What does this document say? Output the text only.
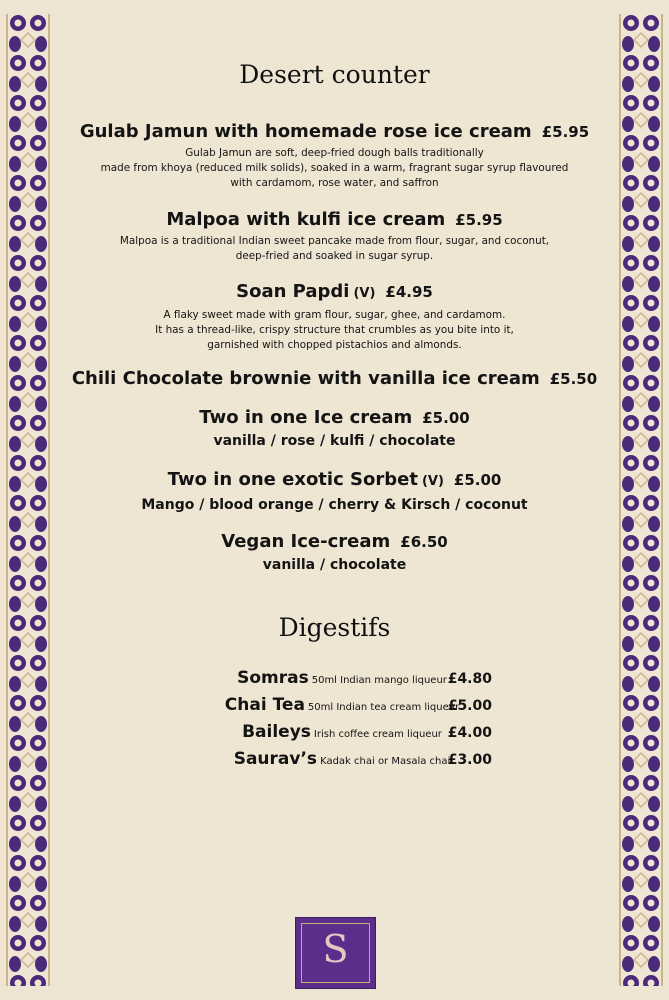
Desert counter
Gulab Jamun with homemade rose ice cream £5.95
Gulab Jamun are soft, deep-fried dough balls traditionally
made from khoya (reduced milk solids), soaked in a warm, fragrant sugar syrup flavoured
with cardamom, rose water, and saffron
Malpoa with kulfi ice cream £5.95
Malpoa is a traditional Indian sweet pancake made from flour, sugar, and coconut,
deep-fried and soaked in sugar syrup.
Soan Papdi (V) £4.95
A flaky sweet made with gram flour, sugar, ghee, and cardamom.
It has a thread-like, crispy structure that crumbles as you bite into it,
garnished with chopped pistachios and almonds.
Chili Chocolate brownie with vanilla ice cream £5.50
Two in one Ice cream £5.00
vanilla / rose / kulfi / chocolate
Two in one exotic Sorbet (V) £5.00
Mango / blood orange / cherry & Kirsch / coconut
Vegan Ice-cream £6.50
vanilla / chocolate
Digestifs
Somras 50ml Indian mango liqueur £4.80
Chai Tea 50ml Indian tea cream liqueur
£5.00
Baileys Irish coffee cream liqueur £4.00
Saurav’s Kadak chai or Masala chai
£3.00
S
